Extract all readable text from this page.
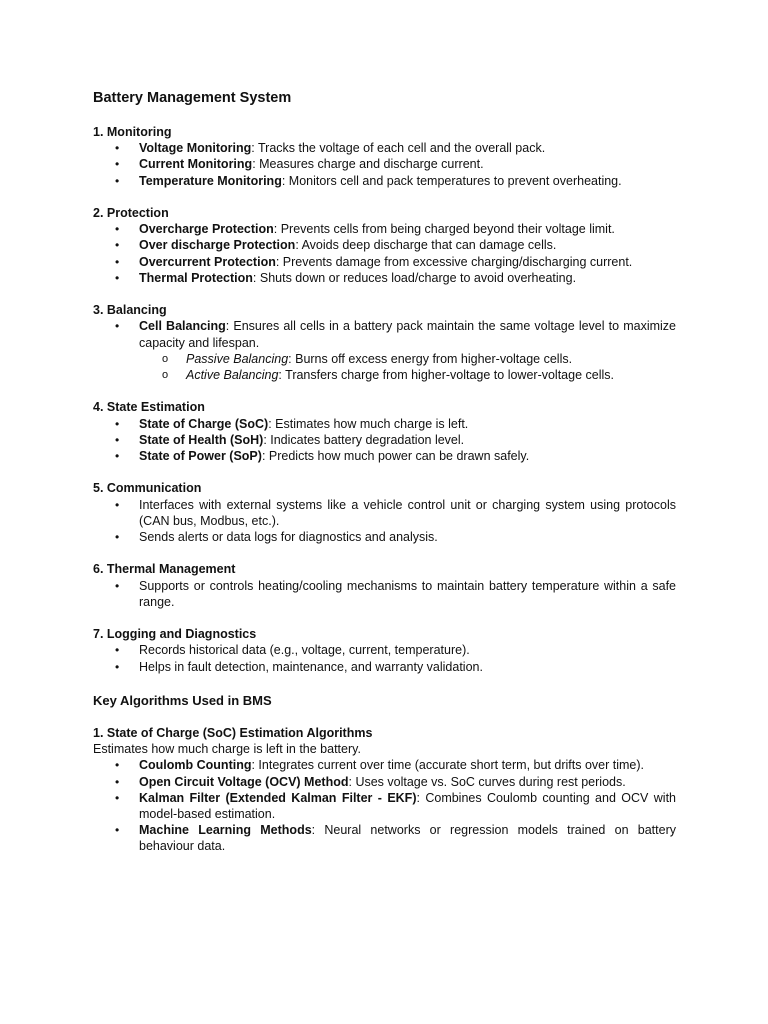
Battery Management System
1. Monitoring
• Voltage Monitoring: Tracks the voltage of each cell and the overall pack.
• Current Monitoring: Measures charge and discharge current.
• Temperature Monitoring: Monitors cell and pack temperatures to prevent overheating.
2. Protection
• Overcharge Protection: Prevents cells from being charged beyond their voltage limit.
• Over discharge Protection: Avoids deep discharge that can damage cells.
• Overcurrent Protection: Prevents damage from excessive charging/discharging current.
• Thermal Protection: Shuts down or reduces load/charge to avoid overheating.
3. Balancing
• Cell Balancing: Ensures all cells in a battery pack maintain the same voltage level to maximize capacity and lifespan.
o Passive Balancing: Burns off excess energy from higher-voltage cells.
o Active Balancing: Transfers charge from higher-voltage to lower-voltage cells.
4. State Estimation
• State of Charge (SoC): Estimates how much charge is left.
• State of Health (SoH): Indicates battery degradation level.
• State of Power (SoP): Predicts how much power can be drawn safely.
5. Communication
• Interfaces with external systems like a vehicle control unit or charging system using protocols (CAN bus, Modbus, etc.).
• Sends alerts or data logs for diagnostics and analysis.
6. Thermal Management
• Supports or controls heating/cooling mechanisms to maintain battery temperature within a safe range.
7. Logging and Diagnostics
• Records historical data (e.g., voltage, current, temperature).
• Helps in fault detection, maintenance, and warranty validation.
Key Algorithms Used in BMS
1. State of Charge (SoC) Estimation Algorithms
Estimates how much charge is left in the battery.
• Coulomb Counting: Integrates current over time (accurate short term, but drifts over time).
• Open Circuit Voltage (OCV) Method: Uses voltage vs. SoC curves during rest periods.
• Kalman Filter (Extended Kalman Filter - EKF): Combines Coulomb counting and OCV with model-based estimation.
• Machine Learning Methods: Neural networks or regression models trained on battery behaviour data.
